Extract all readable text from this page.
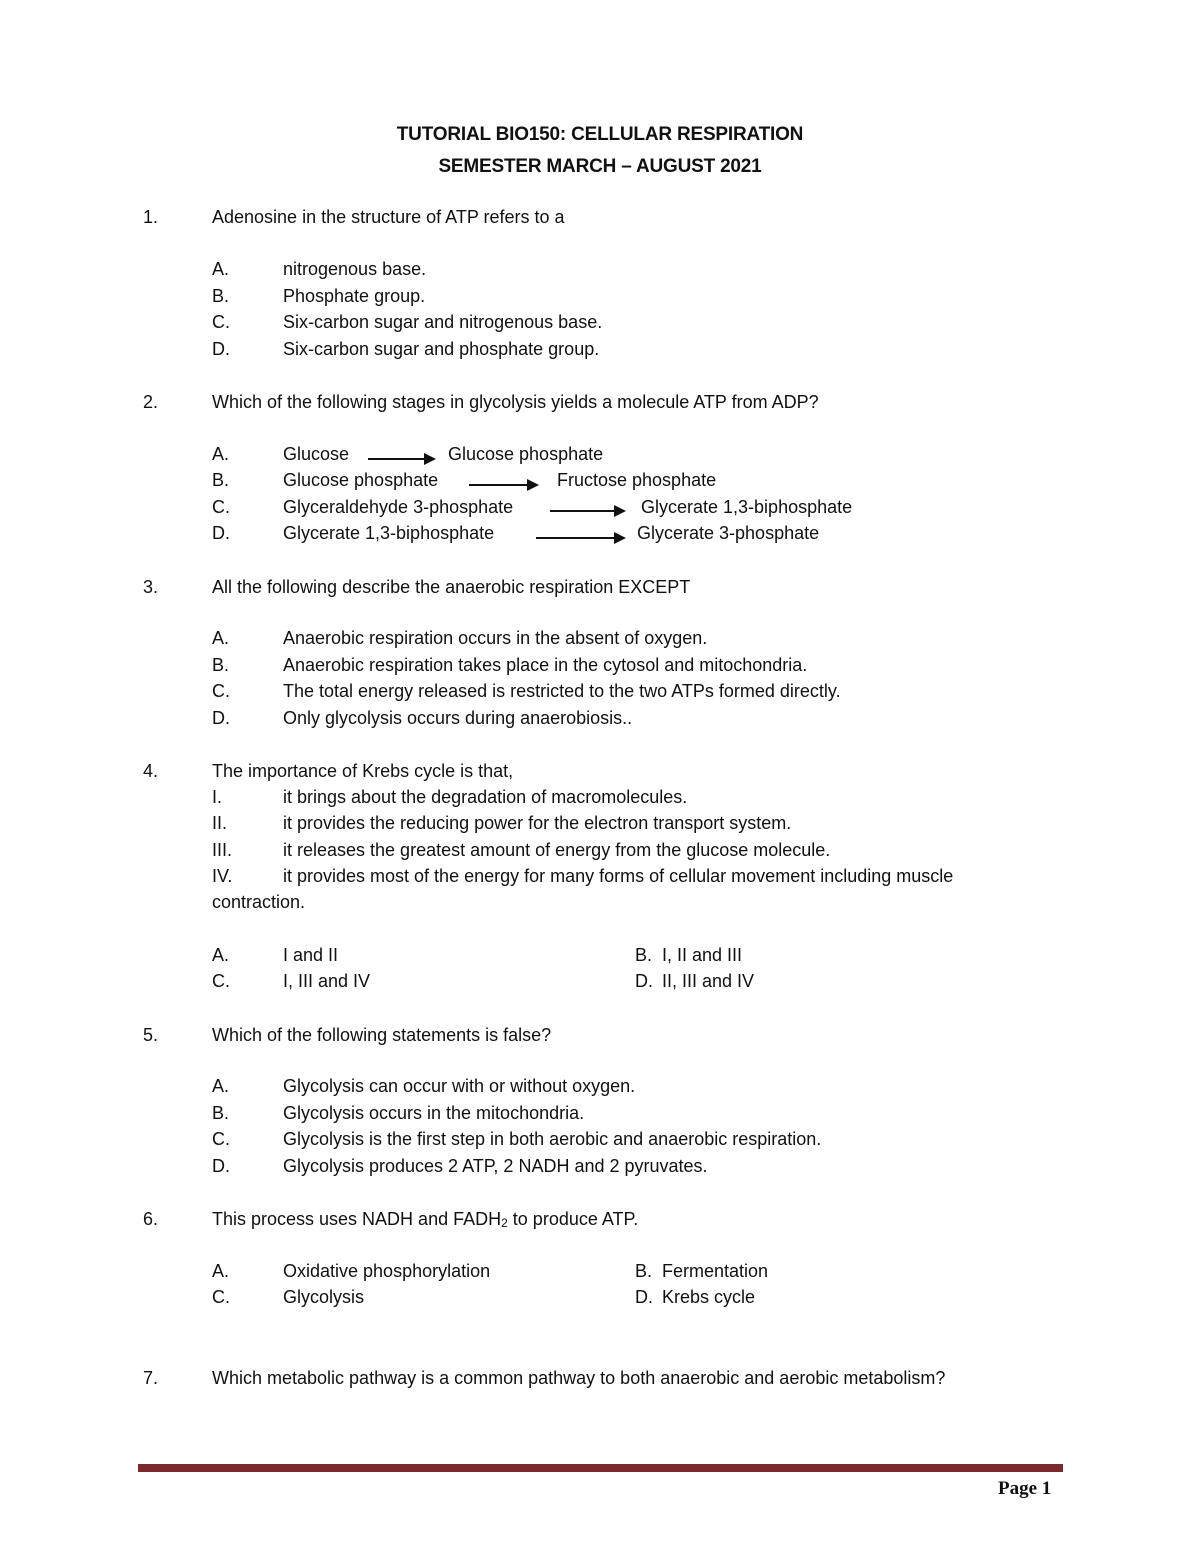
TUTORIAL BIO150: CELLULAR RESPIRATION
SEMESTER MARCH – AUGUST 2021
1.	Adenosine in the structure of ATP refers to a
A.	nitrogenous base.
B.	Phosphate group.
C.	Six-carbon sugar and nitrogenous base.
D.	Six-carbon sugar and phosphate group.
2.	Which of the following stages in glycolysis yields a molecule ATP from ADP?
A.	Glucose	Glucose phosphate
B.	Glucose phosphate	Fructose phosphate
C.	Glyceraldehyde 3-phosphate	Glycerate 1,3-biphosphate
D.	Glycerate 1,3-biphosphate	Glycerate 3-phosphate
3.	All the following describe the anaerobic respiration EXCEPT
A.	Anaerobic respiration occurs in the absent of oxygen.
B.	Anaerobic respiration takes place in the cytosol and mitochondria.
C.	The total energy released is restricted to the two ATPs formed directly.
D.	Only glycolysis occurs during anaerobiosis..
4.	The importance of Krebs cycle is that,
I.	it brings about the degradation of macromolecules.
II.	it provides the reducing power for the electron transport system.
III.	it releases the greatest amount of energy from the glucose molecule.
IV.	it provides most of the energy for many forms of cellular movement including muscle
contraction.
A.	I and II	B. I, II and III
C.	I, III and IV	D. II, III and IV
5.	Which of the following statements is false?
A.	Glycolysis can occur with or without oxygen.
B.	Glycolysis occurs in the mitochondria.
C.	Glycolysis is the first step in both aerobic and anaerobic respiration.
D.	Glycolysis produces 2 ATP, 2 NADH and 2 pyruvates.
6.	This process uses NADH and FADH2 to produce ATP.
A.	Oxidative phosphorylation	B. Fermentation
C.	Glycolysis	D. Krebs cycle
7.	Which metabolic pathway is a common pathway to both anaerobic and aerobic metabolism?
Page 1
